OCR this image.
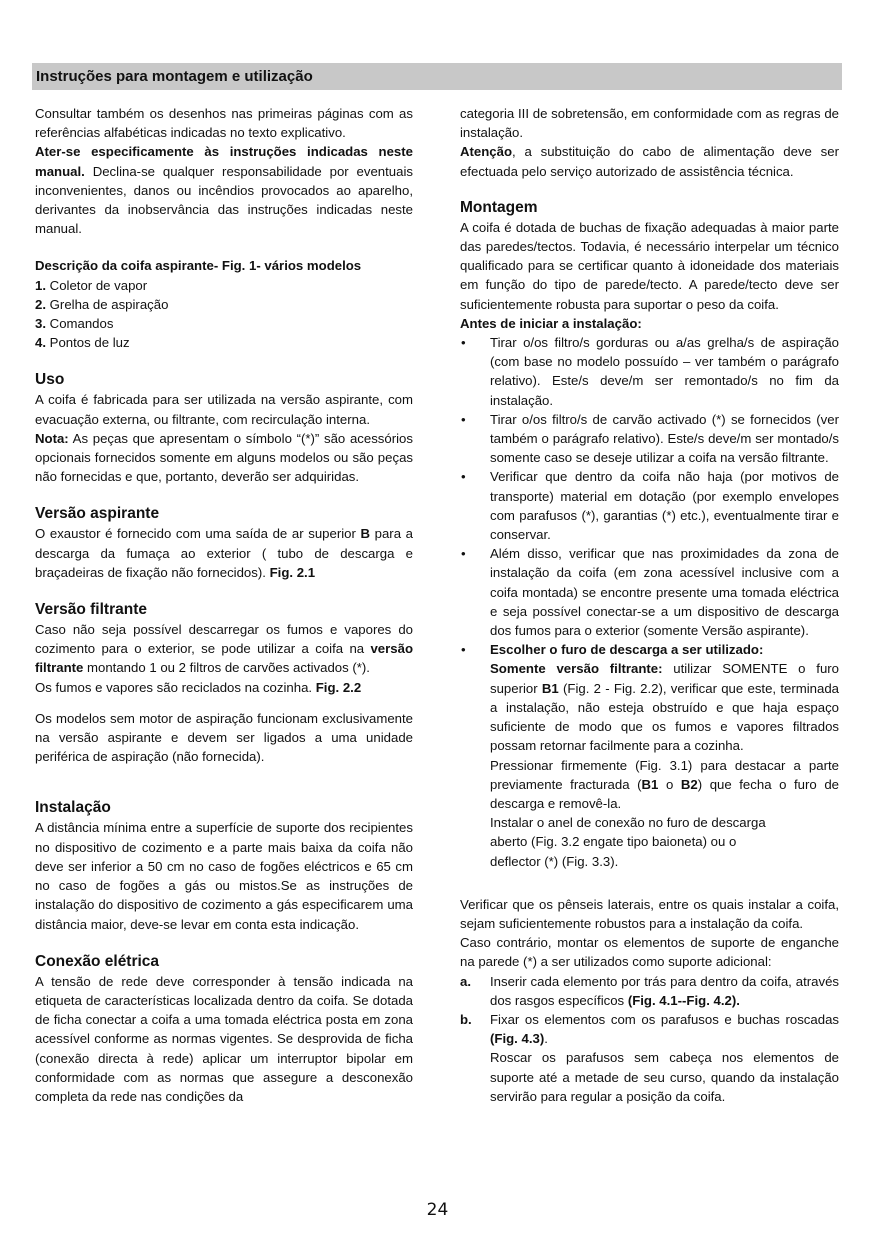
Instruções para montagem e utilização

Consultar também os desenhos nas primeiras páginas com as referências alfabéticas indicadas no texto explicativo.
Ater-se especificamente às instruções indicadas neste manual. Declina-se qualquer responsabilidade por eventuais inconvenientes, danos ou incêndios provocados ao aparelho, derivantes da inobservância das instruções indicadas neste manual.

Descrição da coifa aspirante- Fig. 1- vários modelos

1. Coletor de vapor
2. Grelha de aspiração
3. Comandos
4. Pontos de luz

Uso

A coifa é fabricada para ser utilizada na versão aspirante, com evacuação externa, ou filtrante, com recirculação interna.
Nota: As peças que apresentam o símbolo “(*)” são acessórios opcionais fornecidos somente em alguns modelos ou são peças não fornecidas e que, portanto, deverão ser adquiridas.

Versão aspirante

O exaustor é fornecido com uma saída de ar superior B para a descarga da fumaça ao exterior ( tubo de descarga e braçadeiras de fixação não fornecidos). Fig. 2.1

Versão filtrante

Caso não seja possível descarregar os fumos e vapores do cozimento para o exterior, se pode utilizar a coifa na versão filtrante montando 1 ou 2 filtros de carvões activados (*).
Os fumos e vapores são reciclados na cozinha. Fig. 2.2

Os modelos sem motor de aspiração funcionam exclusivamente na versão aspirante e devem ser ligados a uma unidade periférica de aspiração (não fornecida).

Instalação

A distância mínima entre a superfície de suporte dos recipientes no dispositivo de cozimento e a parte mais baixa da coifa não deve ser inferior a 50 cm no caso de fogões eléctricos e 65 cm no caso de fogões a gás ou mistos.Se as instruções de instalação do dispositivo de cozimento a gás especificarem uma distância maior, deve-se levar em conta esta indicação.

Conexão elétrica

A tensão de rede deve corresponder à tensão indicada na etiqueta de características localizada dentro da coifa. Se dotada de ficha conectar a coifa a uma tomada eléctrica posta em zona acessível conforme as normas vigentes. Se desprovida de ficha (conexão directa à rede) aplicar um interruptor bipolar em conformidade com as normas que assegure a desconexão completa da rede nas condições da

categoria III de sobretensão, em conformidade com as regras de instalação.

Atenção, a substituição do cabo de alimentação deve ser efectuada pelo serviço autorizado de assistência técnica.

Montagem

A coifa é dotada de buchas de fixação adequadas à maior parte das paredes/tectos. Todavia, é necessário interpelar um técnico qualificado para se certificar quanto à idoneidade dos materiais em função do tipo de parede/tecto. A parede/tecto deve ser suficientemente robusta para suportar o peso da coifa.

Antes de iniciar a instalação:

• Tirar o/os filtro/s gorduras ou a/as grelha/s de aspiração (com base no modelo possuído – ver também o parágrafo relativo). Este/s deve/m ser remontado/s no fim da instalação.
• Tirar o/os filtro/s de carvão activado (*) se fornecidos (ver também o parágrafo relativo). Este/s deve/m ser montado/s somente caso se deseje utilizar a coifa na versão filtrante.
• Verificar que dentro da coifa não haja (por motivos de transporte) material em dotação (por exemplo envelopes com parafusos (*), garantias (*) etc.), eventualmente tirar e conservar.
• Além disso, verificar que nas proximidades da zona de instalação da coifa (em zona acessível inclusive com a coifa montada) se encontre presente uma tomada eléctrica e seja possível conectar-se a um dispositivo de descarga dos fumos para o exterior (somente Versão aspirante).
• Escolher o furo de descarga a ser utilizado:
Somente versão filtrante: utilizar SOMENTE o furo superior B1 (Fig. 2 - Fig. 2.2), verificar que este, terminada a instalação, não esteja obstruído e que haja espaço suficiente de modo que os fumos e vapores filtrados possam retornar facilmente para a cozinha.

Pressionar firmemente (Fig. 3.1) para destacar a parte previamente fracturada (B1 o B2) que fecha o furo de descarga e removê-la.

Instalar o anel de conexão no furo de descarga aberto (Fig. 3.2 engate tipo baioneta) ou o deflector (*) (Fig. 3.3).

Verificar que os pênseis laterais, entre os quais instalar a coifa, sejam suficientemente robustos para a instalação da coifa.

Caso contrário, montar os elementos de suporte de enganche na parede (*) a ser utilizados como suporte adicional:

a. Inserir cada elemento por trás para dentro da coifa, através dos rasgos específicos (Fig. 4.1--Fig. 4.2).
b. Fixar os elementos com os parafusos e buchas roscadas (Fig. 4.3).

Roscar os parafusos sem cabeça nos elementos de suporte até a metade de seu curso, quando da instalação servirão para regular a posição da coifa.

24
